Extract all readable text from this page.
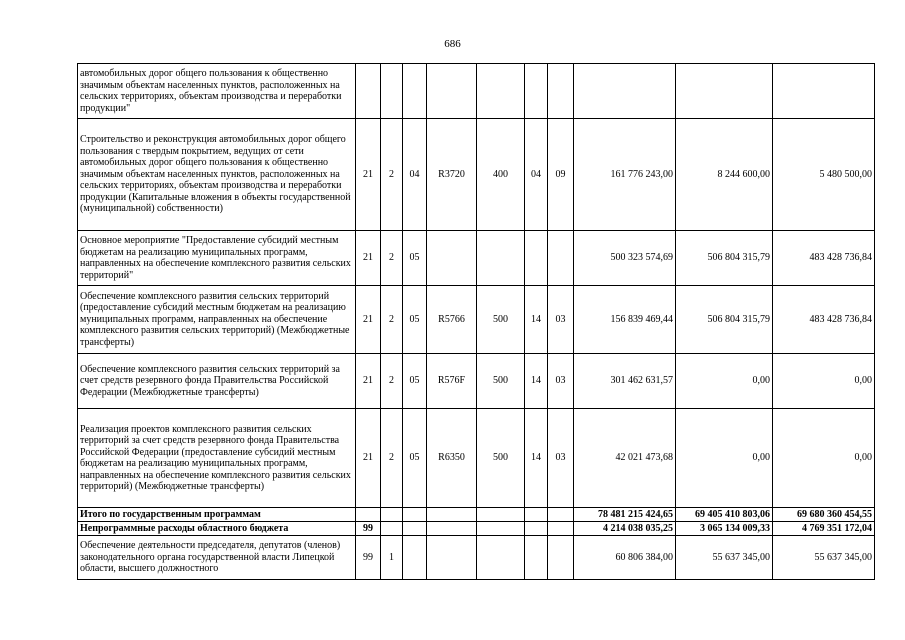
686
автомобильных дорог общего пользования к общественно значимым объектам населенных пунктов, расположенных на сельских территориях, объектам производства и переработки продукции"										
Строительство и реконструкция автомобильных дорог общего пользования с твердым покрытием, ведущих от сети автомобильных дорог общего пользования к общественно значимым объектам населенных пунктов, расположенных на сельских территориях, объектам производства и переработки продукции (Капитальные вложения в объекты государственной (муниципальной) собственности)	21	2	04	R3720	400	04	09	161 776 243,00	8 244 600,00	5 480 500,00
Основное мероприятие "Предоставление субсидий местным бюджетам на реализацию муниципальных программ, направленных на обеспечение комплексного развития сельских территорий"	21	2	05					500 323 574,69	506 804 315,79	483 428 736,84
Обеспечение комплексного развития сельских территорий (предоставление субсидий местным бюджетам на реализацию муниципальных программ, направленных на обеспечение комплексного развития сельских территорий) (Межбюджетные трансферты)	21	2	05	R5766	500	14	03	156 839 469,44	506 804 315,79	483 428 736,84
Обеспечение комплексного развития сельских территорий за счет средств резервного фонда Правительства Российской Федерации (Межбюджетные трансферты)	21	2	05	R576F	500	14	03	301 462 631,57	0,00	0,00
Реализация проектов комплексного развития сельских территорий за счет средств резервного фонда Правительства Российской Федерации (предоставление субсидий местным бюджетам на реализацию муниципальных программ, направленных на обеспечение комплексного развития сельских территорий) (Межбюджетные трансферты)	21	2	05	R6350	500	14	03	42 021 473,68	0,00	0,00
Итого по государственным программам								78 481 215 424,65	69 405 410 803,06	69 680 360 454,55
Непрограммные расходы областного бюджета	99							4 214 038 035,25	3 065 134 009,33	4 769 351 172,04
Обеспечение деятельности председателя, депутатов (членов) законодательного органа государственной власти Липецкой области, высшего должностного	99	1						60 806 384,00	55 637 345,00	55 637 345,00
